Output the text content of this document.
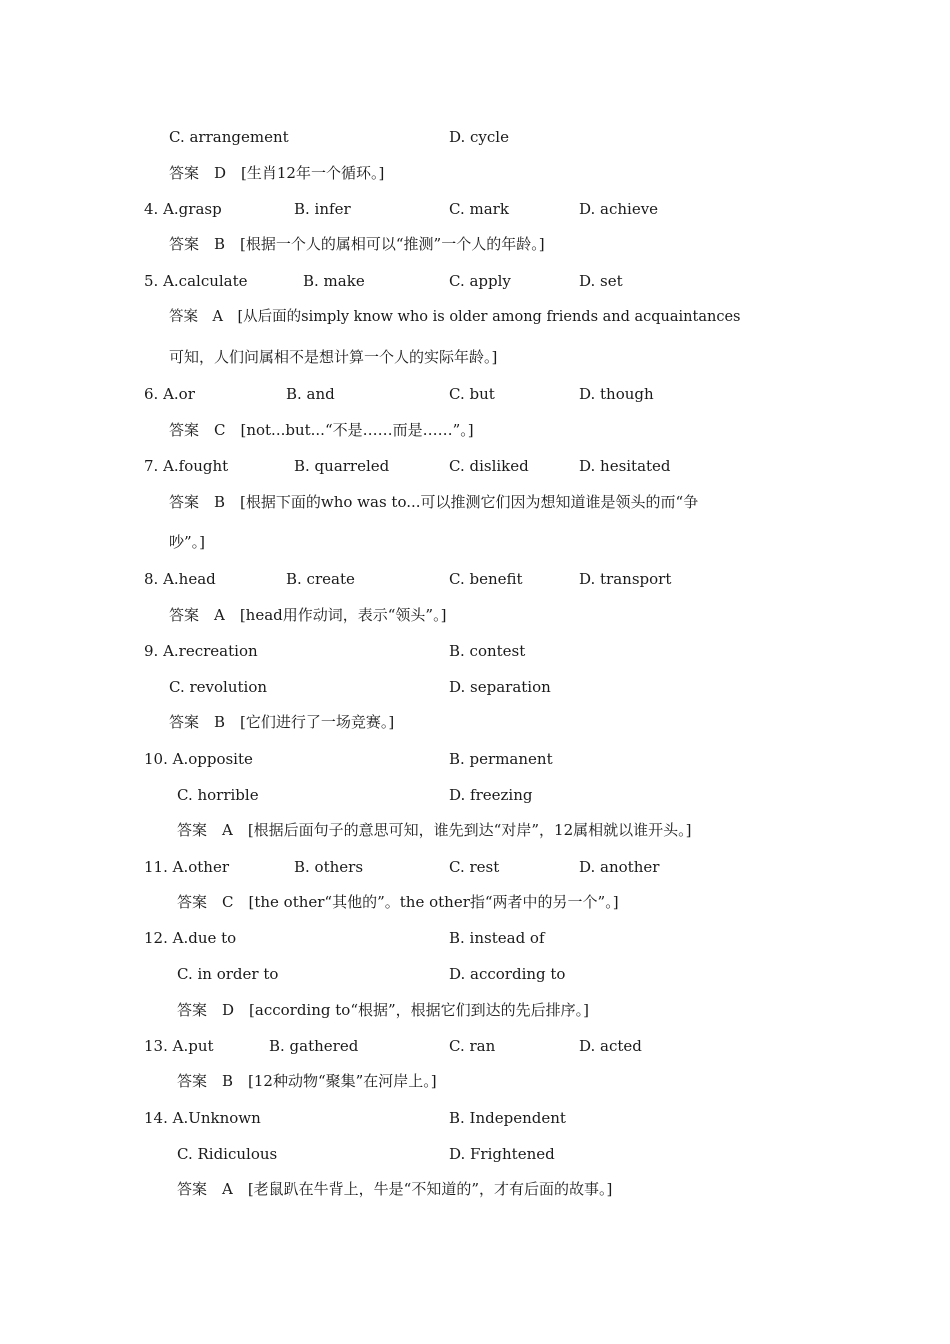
C. arrangement	D. cycle
答案　D　[生肖12年一个循环。]
4. A.grasp	B. infer	C. mark	D. achieve
答案　B　[根据一个人的属相可以“推测”一个人的年龄。]
5. A.calculate	B. make	C. apply	D. set
答案　A　[从后面的simply know who is older among friends and acquaintances
可知，人们问属相不是想计算一个人的实际年龄。]
6. A.or	B. and	C. but	D. though
答案　C　[not...but...“不是……而是……”。]
7. A.fought	B. quarreled	C. disliked	D. hesitated
答案　B　[根据下面的who was to...可以推测它们因为想知道谁是领头的而“争
吵”。]
8. A.head	B. create	C. benefit	D. transport
答案　A　[head用作动词，表示“领头”。]
9. A.recreation	B. contest
C. revolution	D. separation
答案　B　[它们进行了一场竞赛。]
10. A.opposite	B. permanent
C. horrible	D. freezing
答案　A　[根据后面句子的意思可知，谁先到达“对岸”，12属相就以谁开头。]
11. A.other	B. others	C. rest	D. another
答案　C　[the other“其他的”。the other指“两者中的另一个”。]
12. A.due to	B. instead of
C. in order to	D. according to
答案　D　[according to“根据”，根据它们到达的先后排序。]
13. A.put	B. gathered	C. ran	D. acted
答案　B　[12种动物“聚集”在河岸上。]
14. A.Unknown	B. Independent
C. Ridiculous	D. Frightened
答案　A　[老鼠趴在牛背上，牛是“不知道的”，才有后面的故事。]
